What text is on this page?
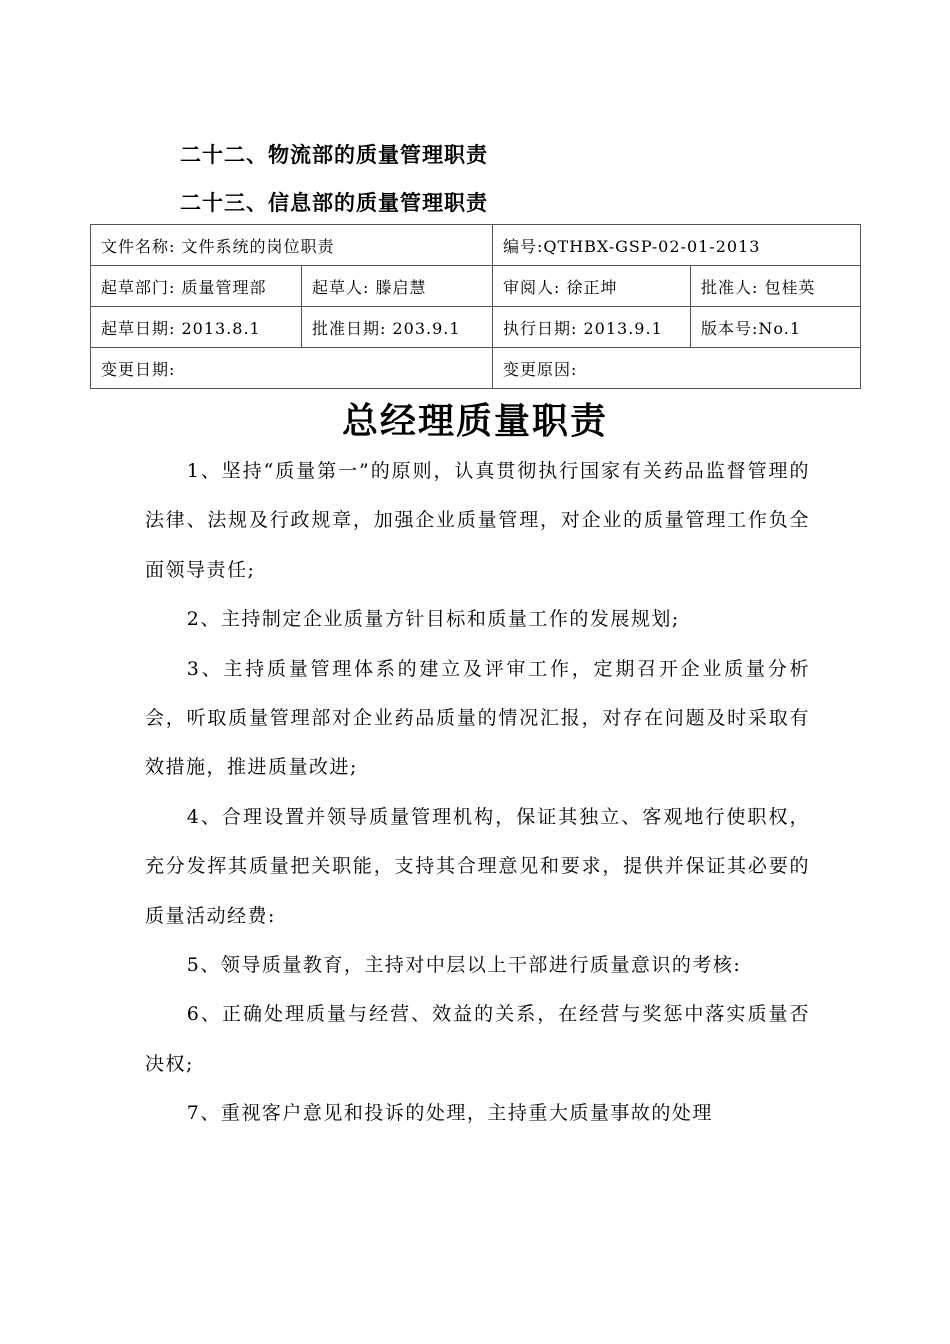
二十二、物流部的质量管理职责
二十三、信息部的质量管理职责
文件名称: 文件系统的岗位职责		编号:QTHBX-GSP-02-01-2013	
起草部门: 质量管理部	起草人: 滕启慧	审阅人: 徐正坤	批准人: 包桂英
起草日期: 2013.8.1	批准日期: 203.9.1	执行日期: 2013.9.1	版本号:No.1
变更日期:		变更原因:	
总经理质量职责

1、坚持“质量第一”的原则，认真贯彻执行国家有关药品监督管理的法律、法规及行政规章，加强企业质量管理，对企业的质量管理工作负全面领导责任;

2、主持制定企业质量方针目标和质量工作的发展规划;

3、主持质量管理体系的建立及评审工作，定期召开企业质量分析会，听取质量管理部对企业药品质量的情况汇报，对存在问题及时采取有效措施，推进质量改进;

4、合理设置并领导质量管理机构，保证其独立、客观地行使职权，充分发挥其质量把关职能，支持其合理意见和要求，提供并保证其必要的质量活动经费:

5、领导质量教育，主持对中层以上干部进行质量意识的考核:

6、正确处理质量与经营、效益的关系，在经营与奖惩中落实质量否决权;

7、重视客户意见和投诉的处理，主持重大质量事故的处理
